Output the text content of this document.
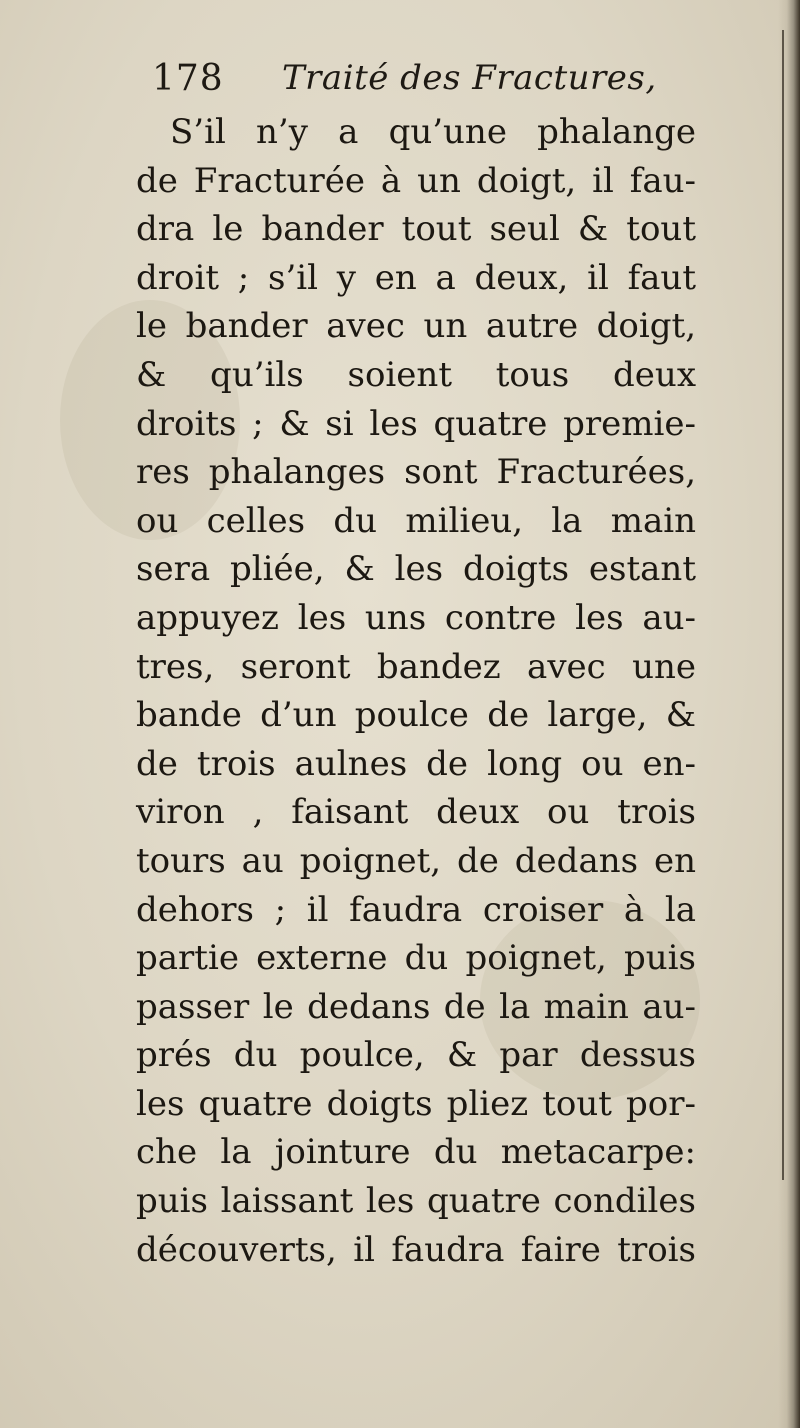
178 Traité des Fractures,
S’il n’y a qu’une phalange
de Fracturée à un doigt, il fau-
dra le bander tout seul & tout
droit ; s’il y en a deux, il faut
le bander avec un autre doigt,
& qu’ils soient tous deux
droits ; & si les quatre premie-
res phalanges sont Fracturées,
ou celles du milieu, la main
sera pliée, & les doigts estant
appuyez les uns contre les au-
tres, seront bandez avec une
bande d’un poulce de large, &
de trois aulnes de long ou en-
viron , faisant deux ou trois
tours au poignet, de dedans en
dehors ; il faudra croiser à la
partie externe du poignet, puis
passer le dedans de la main au-
prés du poulce, & par dessus
les quatre doigts pliez tout por-
che la jointure du metacarpe:
puis laissant les quatre condiles
découverts, il faudra faire trois
